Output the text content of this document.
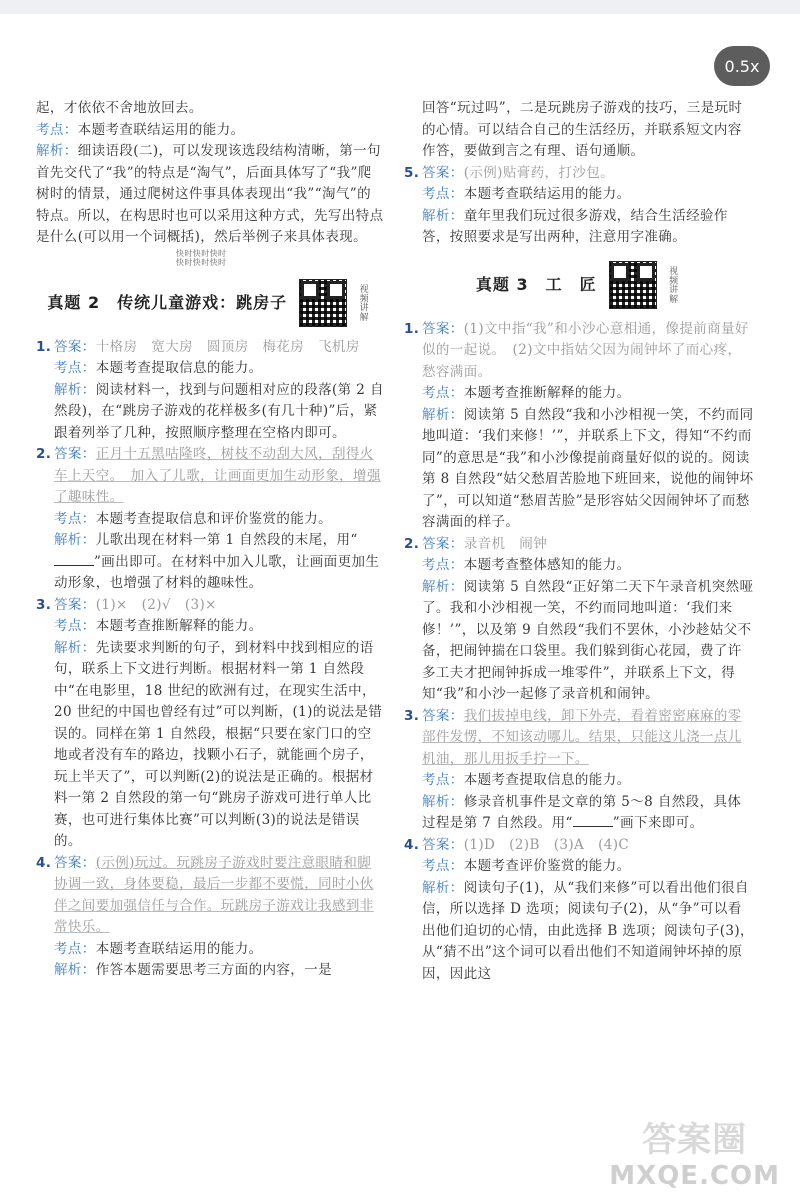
0.5x

起，才依依不舍地放回去。

考点：本题考查联结运用的能力。

解析：细读语段(二)，可以发现该选段结构清晰，第一句首先交代了“我”的特点是“淘气”，后面具体写了“我”爬树时的情景，通过爬树这件事具体表现出“我”“淘气”的特点。所以，在构思时也可以采用这种方式，先写出特点是什么(可以用一个词概括)，然后举例子来具体表现。

快时快时快时
快时快时快时
真题 2　传统儿童游戏：跳房子	视频讲解

1. 答案：十格房　宽大房　圆顶房　梅花房　飞机房

考点：本题考查提取信息的能力。

解析：阅读材料一，找到与问题相对应的段落(第 2 自然段)，在“跳房子游戏的花样极多(有几十种)”后，紧跟着列举了几种，按照顺序整理在空格内即可。

2. 答案：正月十五黑咕隆咚，树枝不动刮大风，刮得火车上天空。　加入了儿歌，让画面更加生动形象，增强了趣味性。

考点：本题考查提取信息和评价鉴赏的能力。

解析：儿歌出现在材料一第 1 自然段的末尾，用“”画出即可。在材料中加入儿歌，让画面更加生动形象，也增强了材料的趣味性。

3. 答案：(1)×　(2)√　(3)×

考点：本题考查推断解释的能力。

解析：先读要求判断的句子，到材料中找到相应的语句，联系上下文进行判断。根据材料一第 1 自然段中“在电影里，18 世纪的欧洲有过，在现实生活中，20 世纪的中国也曾经有过”可以判断，(1)的说法是错误的。同样在第 1 自然段，根据“只要在家门口的空地或者没有车的路边，找颗小石子，就能画个房子，玩上半天了”，可以判断(2)的说法是正确的。根据材料一第 2 自然段的第一句“跳房子游戏可进行单人比赛，也可进行集体比赛”可以判断(3)的说法是错误的。

4. 答案：(示例)玩过。玩跳房子游戏时要注意眼睛和脚协调一致，身体要稳，最后一步都不要慌，同时小伙伴之间要加强信任与合作。玩跳房子游戏让我感到非常快乐。

考点：本题考查联结运用的能力。

解析：作答本题需要思考三方面的内容，一是

回答“玩过吗”，二是玩跳房子游戏的技巧，三是玩时的心情。可以结合自己的生活经历，并联系短文内容作答，要做到言之有理、语句通顺。

5. 答案：(示例)贴膏药，打沙包。

考点：本题考查联结运用的能力。

解析：童年里我们玩过很多游戏，结合生活经验作答，按照要求是写出两种，注意用字准确。

真题 3　工　匠	视频讲解

1. 答案：(1)文中指“我”和小沙心意相通，像提前商量好似的一起说。　(2)文中指姑父因为闹钟坏了而心疼，愁容满面。

考点：本题考查推断解释的能力。

解析：阅读第 5 自然段“我和小沙相视一笑，不约而同地叫道：‘我们来修！’”，并联系上下文，得知“不约而同”的意思是“我”和小沙像提前商量好似的说的。阅读第 8 自然段“姑父愁眉苦脸地下班回来，说他的闹钟坏了”，可以知道“愁眉苦脸”是形容姑父因闹钟坏了而愁容满面的样子。

2. 答案：录音机　闹钟

考点：本题考查整体感知的能力。

解析：阅读第 5 自然段“正好第二天下午录音机突然哑了。我和小沙相视一笑，不约而同地叫道：‘我们来修！’”，以及第 9 自然段“我们不罢休，小沙趁姑父不备，把闹钟揣在口袋里。我们躲到街心花园，费了许多工夫才把闹钟拆成一堆零件”，并联系上下文，得知“我”和小沙一起修了录音机和闹钟。

3. 答案：我们拔掉电线，卸下外壳，看着密密麻麻的零部件发愣，不知该动哪儿。结果，只能这儿浇一点儿机油，那儿用扳手拧一下。

考点：本题考查提取信息的能力。

解析：修录音机事件是文章的第 5～8 自然段，具体过程是第 7 自然段。用“	”画下来即可。

4. 答案：(1)D　(2)B　(3)A　(4)C

考点：本题考查评价鉴赏的能力。

解析：阅读句子(1)，从“我们来修”可以看出他们很自信，所以选择 D 选项；阅读句子(2)，从“争”可以看出他们迫切的心情，由此选择 B 选项；阅读句子(3)，从“猜不出”这个词可以看出他们不知道闹钟坏掉的原因，因此这

答案圈
MXQE.COM
